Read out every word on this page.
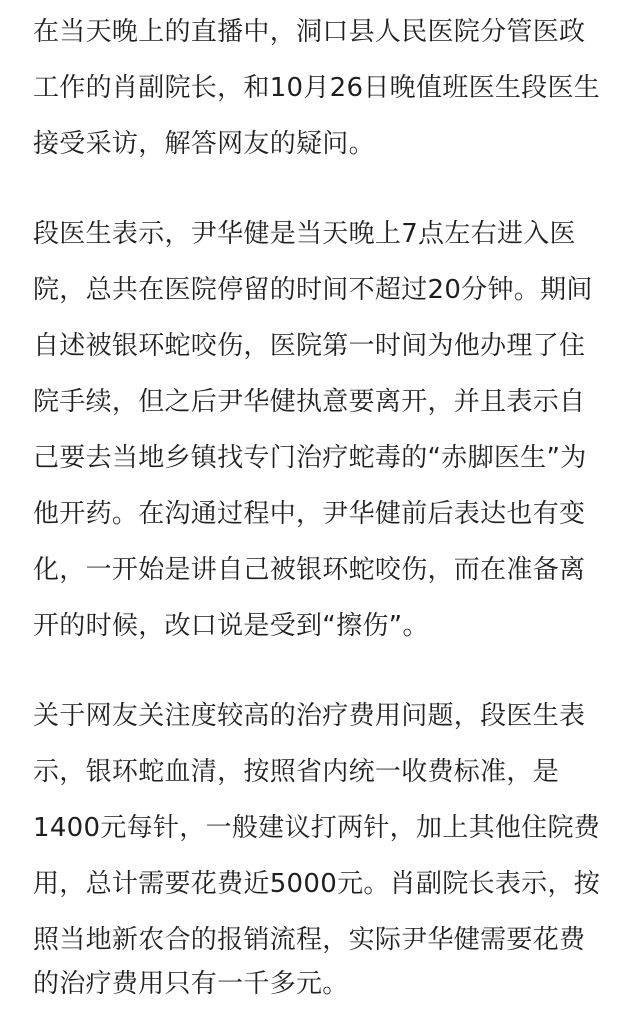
在当天晚上的直播中，洞口县人民医院分管医政
工作的肖副院长，和10月26日晚值班医生段医生
接受采访，解答网友的疑问。
段医生表示，尹华健是当天晚上7点左右进入医
院，总共在医院停留的时间不超过20分钟。期间
自述被银环蛇咬伤，医院第一时间为他办理了住
院手续，但之后尹华健执意要离开，并且表示自
己要去当地乡镇找专门治疗蛇毒的“赤脚医生”为
他开药。在沟通过程中，尹华健前后表达也有变
化，一开始是讲自己被银环蛇咬伤，而在准备离
开的时候，改口说是受到“擦伤”。
关于网友关注度较高的治疗费用问题，段医生表
示，银环蛇血清，按照省内统一收费标准，是
1400元每针，一般建议打两针，加上其他住院费
用，总计需要花费近5000元。肖副院长表示，按
照当地新农合的报销流程，实际尹华健需要花费
的治疗费用只有一千多元。
